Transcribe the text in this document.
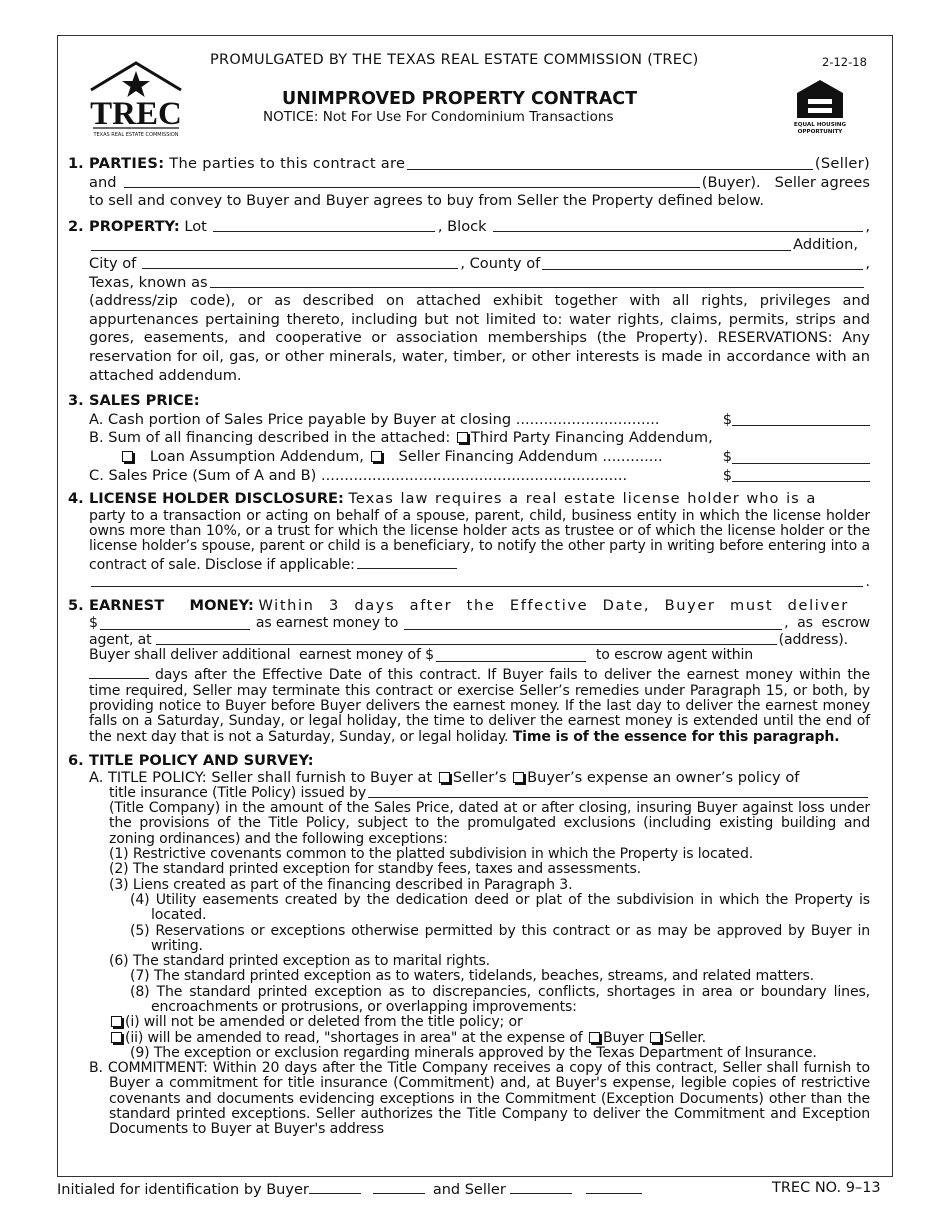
PROMULGATED BY THE TEXAS REAL ESTATE COMMISSION (TREC)	2-12-18
UNIMPROVED PROPERTY CONTRACT
NOTICE: Not For Use For Condominium Transactions
TREC
TEXAS REAL ESTATE COMMISSION
EQUAL HOUSING
OPPORTUNITY
1. PARTIES: The parties to this contract are	(Seller)
and	(Buyer). Seller agrees
to sell and convey to Buyer and Buyer agrees to buy from Seller the Property defined below.
2. PROPERTY: Lot	, Block	,
Addition,
City of	, County of	,
Texas, known as
(address/zip code), or as described on attached exhibit together with all rights, privileges and appurtenances pertaining thereto, including but not limited to: water rights, claims, permits, strips and gores, easements, and cooperative or association memberships (the Property). RESERVATIONS: Any reservation for oil, gas, or other minerals, water, timber, or other interests is made in accordance with an attached addendum.
3. SALES PRICE:
A. Cash portion of Sales Price payable by Buyer at closing ...............................	$
B. Sum of all financing described in the attached: Third Party Financing Addendum,
Loan Assumption Addendum, Seller Financing Addendum .............	$
C. Sales Price (Sum of A and B) ..................................................................	$
4. LICENSE HOLDER DISCLOSURE: Texas law requires a real estate license holder who is a
party to a transaction or acting on behalf of a spouse, parent, child, business entity in which the license holder owns more than 10%, or a trust for which the license holder acts as trustee or of which the license holder or the license holder’s spouse, parent or child is a beneficiary, to notify the other party in writing before entering into a contract of sale. Disclose if applicable:
.
5. EARNEST     MONEY: Within  3  days  after  the  Effective  Date,  Buyer  must  deliver
$	as earnest money to	,  as  escrow
agent, at	(address).
Buyer shall deliver additional  earnest money of $	to escrow agent within
days after the Effective Date of this contract. If Buyer fails to deliver the earnest money within the time required, Seller may terminate this contract or exercise Seller’s remedies under Paragraph 15, or both, by providing notice to Buyer before Buyer delivers the earnest money. If the last day to deliver the earnest money falls on a Saturday, Sunday, or legal holiday, the time to deliver the earnest money is extended until the end of the next day that is not a Saturday, Sunday, or legal holiday. Time is of the essence for this paragraph.
6. TITLE POLICY AND SURVEY:
A. TITLE POLICY: Seller shall furnish to Buyer at Seller’s Buyer’s expense an owner’s policy of
title insurance (Title Policy) issued by
(Title Company) in the amount of the Sales Price, dated at or after closing, insuring Buyer against loss under the provisions of the Title Policy, subject to the promulgated exclusions (including existing building and zoning ordinances) and the following exceptions:
(1) Restrictive covenants common to the platted subdivision in which the Property is located.
(2) The standard printed exception for standby fees, taxes and assessments.
(3) Liens created as part of the financing described in Paragraph 3.
(4) Utility easements created by the dedication deed or plat of the subdivision in which the Property is located.
(5) Reservations or exceptions otherwise permitted by this contract or as may be approved by Buyer in writing.
(6) The standard printed exception as to marital rights.
(7) The standard printed exception as to waters, tidelands, beaches, streams, and related matters.
(8) The standard printed exception as to discrepancies, conflicts, shortages in area or boundary lines, encroachments or protrusions, or overlapping improvements:
(i) will not be amended or deleted from the title policy; or
(ii) will be amended to read, "shortages in area" at the expense of Buyer Seller.
(9) The exception or exclusion regarding minerals approved by the Texas Department of Insurance.
B. COMMITMENT: Within 20 days after the Title Company receives a copy of this contract, Seller shall furnish to Buyer a commitment for title insurance (Commitment) and, at Buyer's expense, legible copies of restrictive covenants and documents evidencing exceptions in the Commitment (Exception Documents) other than the standard printed exceptions. Seller authorizes the Title Company to deliver the Commitment and Exception Documents to Buyer at Buyer's address
Initialed for identification by Buyer	and Seller	TREC NO. 9–13
